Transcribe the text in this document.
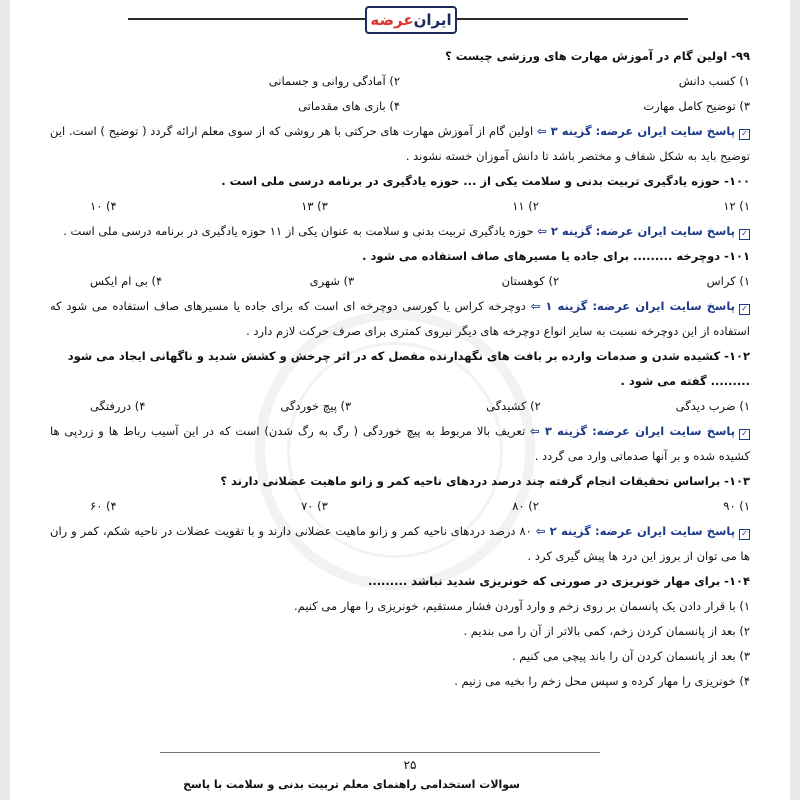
ایران
عرضه
۹۹- اولین گام در آموزش مهارت های ورزشی چیست ؟
۱) کسب دانش
۲) آمادگی روانی و جسمانی
۳) توضیح کامل مهارت
۴) بازی های مقدماتی
✓پاسخ سایت ایران عرضه: گزینه ۳ ⇦ اولین گام از آموزش مهارت های حرکتی با هر روشی که از سوی معلم ارائه گردد ( توضیح ) است. این توضیح باید به شکل شفاف و مختصر باشد تا دانش آموزان خسته نشوند .
۱۰۰- حوزه یادگیری تربیت بدنی و سلامت یکی از ... حوزه یادگیری در برنامه درسی ملی است .
۱) ۱۲
۲) ۱۱
۳) ۱۳
۴) ۱۰
✓پاسخ سایت ایران عرضه: گزینه ۲ ⇦ حوزه یادگیری تربیت بدنی و سلامت به عنوان یکی از ۱۱ حوزه یادگیری در برنامه درسی ملی است .
۱۰۱- دوچرخه ......... برای جاده یا مسیرهای صاف استفاده می شود .
۱) کراس
۲) کوهستان
۳) شهری
۴) بی ام ایکس
✓پاسخ سایت ایران عرضه: گزینه ۱ ⇦ دوچرخه کراس یا کورسی دوچرخه ای است که برای جاده یا مسیرهای صاف استفاده می شود که استفاده از این دوچرخه نسبت به سایر انواع دوچرخه های دیگر نیروی کمتری برای صرف حرکت لازم دارد .
۱۰۲- کشیده شدن و صدمات وارده بر بافت های نگهدارنده مفصل که در اثر چرخش و کشش شدید و ناگهانی ایجاد می شود ......... گفته می شود .
۱) ضرب دیدگی
۲) کشیدگی
۳) پیچ خوردگی
۴) دررفتگی
✓پاسخ سایت ایران عرضه: گزینه ۳ ⇦ تعریف بالا مربوط به پیچ خوردگی ( رگ به رگ شدن) است که در این آسیب رباط ها و زردپی ها کشیده شده و بر آنها صدماتی وارد می گردد .
۱۰۳- براساس تحقیقات انجام گرفته چند درصد دردهای ناحیه کمر و زانو ماهیت عضلانی دارند ؟
۱) ۹۰
۲) ۸۰
۳) ۷۰
۴) ۶۰
✓پاسخ سایت ایران عرضه: گزینه ۲ ⇦ ۸۰ درصد دردهای ناحیه کمر و زانو ماهیت عضلانی دارند و با تقویت عضلات در ناحیه شکم، کمر و ران ها می توان از بروز این درد ها پیش گیری کرد .
۱۰۴- برای مهار خونریزی در صورتی که خونریزی شدید نباشد .........
۱) با قرار دادن یک پانسمان بر روی زخم و وارد آوردن فشار مستقیم، خونریزی را مهار می کنیم.
۲) بعد از پانسمان کردن زخم، کمی بالاتر از آن را می بندیم .
۳) بعد از پانسمان کردن آن را باند پیچی می کنیم .
۴) خونریزی را مهار کرده و سپس محل زخم را بخیه می زنیم .
۲۵
سوالات استخدامی راهنمای معلم تربیت بدنی و سلامت با پاسخ
